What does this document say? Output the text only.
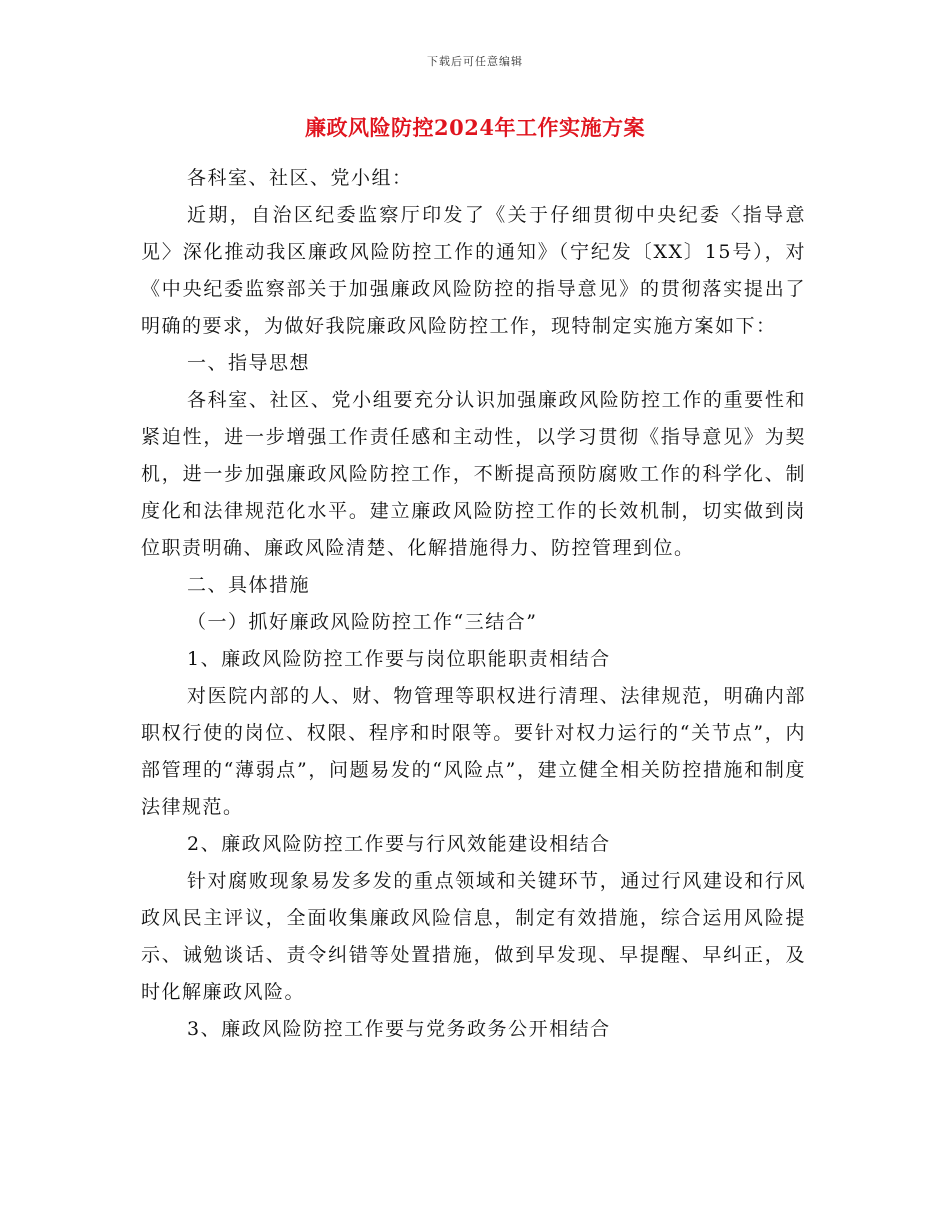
下载后可任意编辑
廉政风险防控2024年工作实施方案

各科室、社区、党小组：

近期，自治区纪委监察厅印发了《关于仔细贯彻中央纪委〈指导意见〉深化推动我区廉政风险防控工作的通知》（宁纪发〔XX〕15号），对《中央纪委监察部关于加强廉政风险防控的指导意见》的贯彻落实提出了明确的要求，为做好我院廉政风险防控工作，现特制定实施方案如下：

一、指导思想

各科室、社区、党小组要充分认识加强廉政风险防控工作的重要性和紧迫性，进一步增强工作责任感和主动性，以学习贯彻《指导意见》为契机，进一步加强廉政风险防控工作，不断提高预防腐败工作的科学化、制度化和法律规范化水平。建立廉政风险防控工作的长效机制，切实做到岗位职责明确、廉政风险清楚、化解措施得力、防控管理到位。

二、具体措施

（一）抓好廉政风险防控工作“三结合”

1、廉政风险防控工作要与岗位职能职责相结合

对医院内部的人、财、物管理等职权进行清理、法律规范，明确内部职权行使的岗位、权限、程序和时限等。要针对权力运行的“关节点”，内部管理的“薄弱点”，问题易发的“风险点”，建立健全相关防控措施和制度法律规范。

2、廉政风险防控工作要与行风效能建设相结合

针对腐败现象易发多发的重点领域和关键环节，通过行风建设和行风政风民主评议，全面收集廉政风险信息，制定有效措施，综合运用风险提示、诫勉谈话、责令纠错等处置措施，做到早发现、早提醒、早纠正，及时化解廉政风险。

3、廉政风险防控工作要与党务政务公开相结合
